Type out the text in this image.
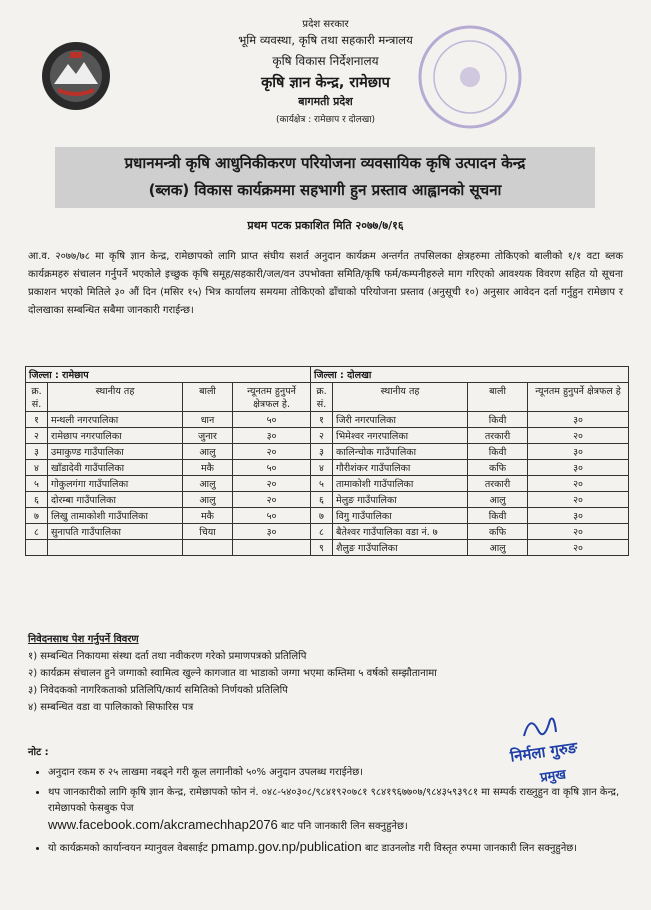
प्रदेश सरकार
भूमि व्यवस्था, कृषि तथा सहकारी मन्त्रालय
कृषि विकास निर्देशनालय
कृषि ज्ञान केन्द्र, रामेछाप
बागमती प्रदेश
(कार्यक्षेत्र : रामेछाप र दोलखा)
प्रधानमन्त्री कृषि आधुनिकीकरण परियोजना व्यवसायिक कृषि उत्पादन केन्द्र
(ब्लक) विकास कार्यक्रममा सहभागी हुन प्रस्ताव आह्वानको सूचना
प्रथम पटक प्रकाशित मिति २०७७/७/१६
आ.व. २०७७/७८ मा कृषि ज्ञान केन्द्र, रामेछापको लागि प्राप्त संघीय सशर्त अनुदान कार्यक्रम अन्तर्गत तपसिलका क्षेत्रहरुमा तोकिएको बालीको १/१ वटा ब्लक कार्यक्रमहरु संचालन गर्नुपर्ने भएकोले इच्छुक कृषि समूह/सहकारी/जल/वन उपभोक्ता समिति/कृषि फर्म/कम्पनीहरुले माग गरिएको आवश्यक विवरण सहित यो सूचना प्रकाशन भएको मितिले ३० औं दिन (मसिर १५) भित्र कार्यालय समयमा तोकिएको ढाँचाको परियोजना प्रस्ताव (अनुसूची १०) अनुसार आवेदन दर्ता गर्नुहुन रामेछाप र दोलखाका सम्बन्धित सबैमा जानकारी गराईन्छ।
जिल्ला : रामेछाप				जिल्ला : दोलखा			
क्र. सं.	स्थानीय तह	बाली	न्यूनतम हुनुपर्ने क्षेत्रफल हे.	क्र. सं.	स्थानीय तह	बाली	न्यूनतम हुनुपर्ने क्षेत्रफल हे
१	मन्थली नगरपालिका	धान	५०	१	जिरी नगरपालिका	किवी	३०
२	रामेछाप नगरपालिका	जुनार	३०	२	भिमेश्वर नगरपालिका	तरकारी	२०
३	उमाकुण्ड गाउँपालिका	आलु	२०	३	कालिन्चोक गाउँपालिका	किवी	३०
४	खाँडादेवी गाउँपालिका	मकै	५०	४	गौरीशंकर गाउँपालिका	कफि	३०
५	गोकुलगंगा गाउँपालिका	आलु	२०	५	तामाकोशी गाउँपालिका	तरकारी	२०
६	दोरम्बा गाउँपालिका	आलु	२०	६	मेलुङ गाउँपालिका	आलु	२०
७	लिखु तामाकोशी गाउँपालिका	मकै	५०	७	विगु गाउँपालिका	किवी	३०
८	सुनापति गाउँपालिका	चिया	३०	८	बैतेश्वर गाउँपालिका वडा नं. ७	कफि	२०
				९	शैलुङ गाउँपालिका	आलु	२०
निवेदनसाथ पेश गर्नुपर्ने विवरण
१) सम्बन्धित निकायमा संस्था दर्ता तथा नवीकरण गरेको प्रमाणपत्रको प्रतिलिपि
२) कार्यक्रम संचालन हुने जग्गाको स्वामित्व खुल्ने कागजात वा भाडाको जग्गा भएमा कम्तिमा ५ वर्षको सम्झौतानामा
३) निवेदकको नागरिकताको प्रतिलिपि/कार्य समितिको निर्णयको प्रतिलिपि
४) सम्बन्धित वडा वा पालिकाको सिफारिस पत्र
निर्मला गुरुङ
प्रमुख
नोट :
• अनुदान रकम रु २५ लाखमा नबढ्ने गरी कूल लगानीको ५०% अनुदान उपलब्ध गराईनेछ।
• थप जानकारीको लागि कृषि ज्ञान केन्द्र, रामेछापको फोन नं. ०४८-५४०३०८/९८४१९२०७८१ ९८४१९६७७०७/९८४३५९३९८१ मा सम्पर्क राख्नुहुन वा कृषि ज्ञान केन्द्र, रामेछापको फेसबुक पेज
www.facebook.com/akcramechhap2076 बाट पनि जानकारी लिन सक्नुहुनेछ।
• यो कार्यक्रमको कार्यान्वयन म्यानुवल वेबसाईट pmamp.gov.np/publication बाट डाउनलोड गरी विस्तृत रुपमा जानकारी लिन सक्नुहुनेछ।
